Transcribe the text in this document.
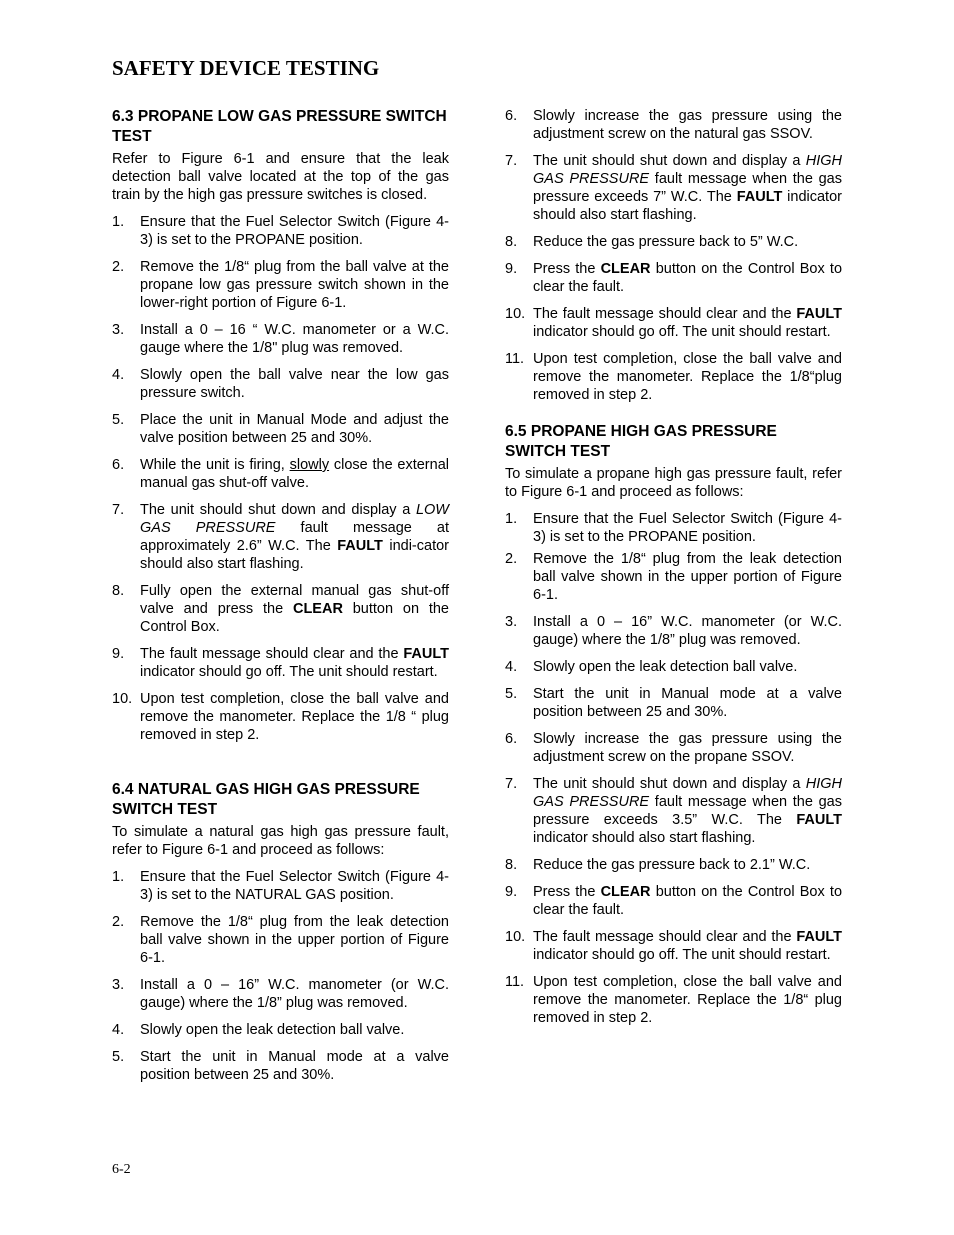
SAFETY DEVICE TESTING
6.3 PROPANE LOW GAS PRESSURE SWITCH TEST

Refer to Figure 6-1 and ensure that the leak detection ball valve located at the top of the gas train by the high gas pressure switches is closed.

1.	Ensure that the Fuel Selector Switch (Figure 4-3) is set to the PROPANE position.
2.	Remove the 1/8“ plug from the ball valve at the propane low gas pressure switch shown in the lower-right portion of Figure 6-1.
3.	Install a 0 – 16 “ W.C. manometer or a W.C. gauge where the 1/8" plug was removed.
4.	Slowly open the ball valve near the low gas pressure switch.
5.	Place the unit in Manual Mode and adjust the valve position between 25 and 30%.
6.	While the unit is firing, slowly close the external manual gas shut-off valve.
7.	The unit should shut down and display a LOW GAS PRESSURE fault message at approximately 2.6” W.C. The FAULT indi-cator should also start flashing.
8.	Fully open the external manual gas shut-off valve and press the CLEAR button on the Control Box.
9.	The fault message should clear and the FAULT indicator should go off. The unit should restart.
10. Upon test completion, close the ball valve and remove the manometer. Replace the 1/8 “ plug removed in step 2.
6.4 NATURAL GAS HIGH GAS PRESSURE SWITCH TEST

To simulate a natural gas high gas pressure fault, refer to Figure 6-1 and proceed as follows:

1.	Ensure that the Fuel Selector Switch (Figure 4-3) is set to the NATURAL GAS position.
2.	Remove the 1/8“ plug from the leak detection ball valve shown in the upper portion of Figure 6-1.
3.	Install a 0 – 16” W.C. manometer (or W.C. gauge) where the 1/8” plug was removed.
4.	Slowly open the leak detection ball valve.
5.	Start the unit in Manual mode at a valve position between 25 and 30%.
6.	Slowly increase the gas pressure using the adjustment screw on the natural gas SSOV.
7.	The unit should shut down and display a HIGH GAS PRESSURE fault message when the gas pressure exceeds 7” W.C. The FAULT indicator should also start flashing.
8.	Reduce the gas pressure back to 5” W.C.
9.	Press the CLEAR button on the Control Box to clear the fault.
10. The fault message should clear and the FAULT indicator should go off. The unit should restart.
11. Upon test completion, close the ball valve and remove the manometer. Replace the 1/8“plug removed in step 2.
6.5 PROPANE HIGH GAS PRESSURE SWITCH TEST

To simulate a propane high gas pressure fault, refer to Figure 6-1 and proceed as follows:

1.	Ensure that the Fuel Selector Switch (Figure 4-3) is set to the PROPANE position.
2.	Remove the 1/8“ plug from the leak detection ball valve shown in the upper portion of Figure 6-1.
3.	Install a 0 – 16” W.C. manometer (or W.C. gauge) where the 1/8” plug was removed.
4.	Slowly open the leak detection ball valve.
5.	Start the unit in Manual mode at a valve position between 25 and 30%.
6.	Slowly increase the gas pressure using the adjustment screw on the propane SSOV.
7.	The unit should shut down and display a HIGH GAS PRESSURE fault message when the gas pressure exceeds 3.5” W.C. The FAULT indicator should also start flashing.
8.	Reduce the gas pressure back to 2.1” W.C.
9.	Press the CLEAR button on the Control Box to clear the fault.
10. The fault message should clear and the FAULT indicator should go off. The unit should restart.
11. Upon test completion, close the ball valve and remove the manometer. Replace the 1/8“ plug removed in step 2.
6-2
